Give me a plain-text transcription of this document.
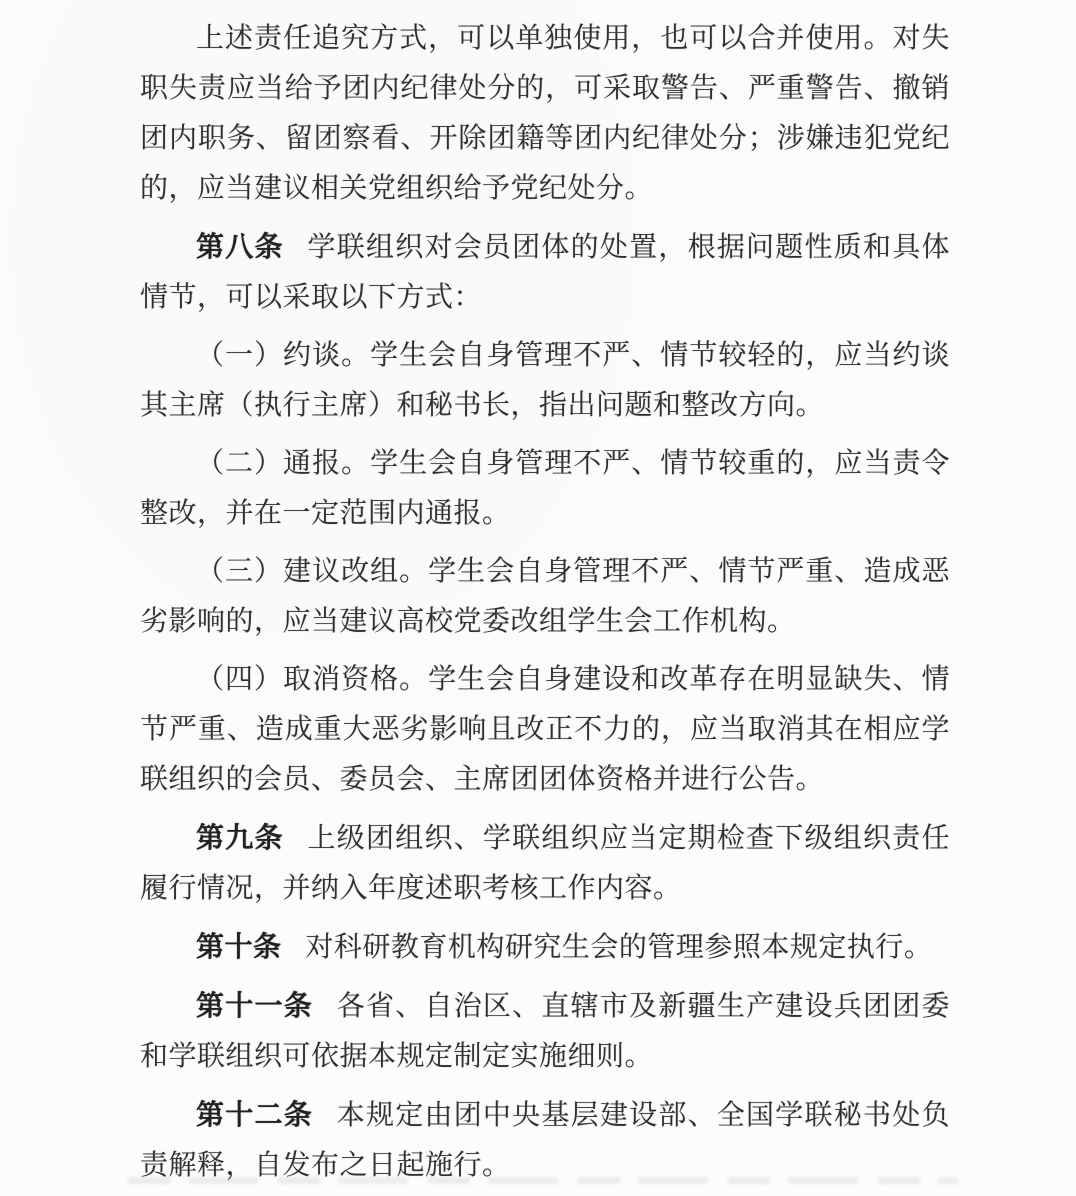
上述责任追究方式，可以单独使用，也可以合并使用。对失职失责应当给予团内纪律处分的，可采取警告、严重警告、撤销团内职务、留团察看、开除团籍等团内纪律处分；涉嫌违犯党纪的，应当建议相关党组织给予党纪处分。

第八条 学联组织对会员团体的处置，根据问题性质和具体情节，可以采取以下方式：

（一）约谈。学生会自身管理不严、情节较轻的，应当约谈其主席（执行主席）和秘书长，指出问题和整改方向。

（二）通报。学生会自身管理不严、情节较重的，应当责令整改，并在一定范围内通报。

（三）建议改组。学生会自身管理不严、情节严重、造成恶劣影响的，应当建议高校党委改组学生会工作机构。

（四）取消资格。学生会自身建设和改革存在明显缺失、情节严重、造成重大恶劣影响且改正不力的，应当取消其在相应学联组织的会员、委员会、主席团团体资格并进行公告。

第九条 上级团组织、学联组织应当定期检查下级组织责任履行情况，并纳入年度述职考核工作内容。

第十条 对科研教育机构研究生会的管理参照本规定执行。

第十一条 各省、自治区、直辖市及新疆生产建设兵团团委和学联组织可依据本规定制定实施细则。

第十二条 本规定由团中央基层建设部、全国学联秘书处负责解释，自发布之日起施行。
